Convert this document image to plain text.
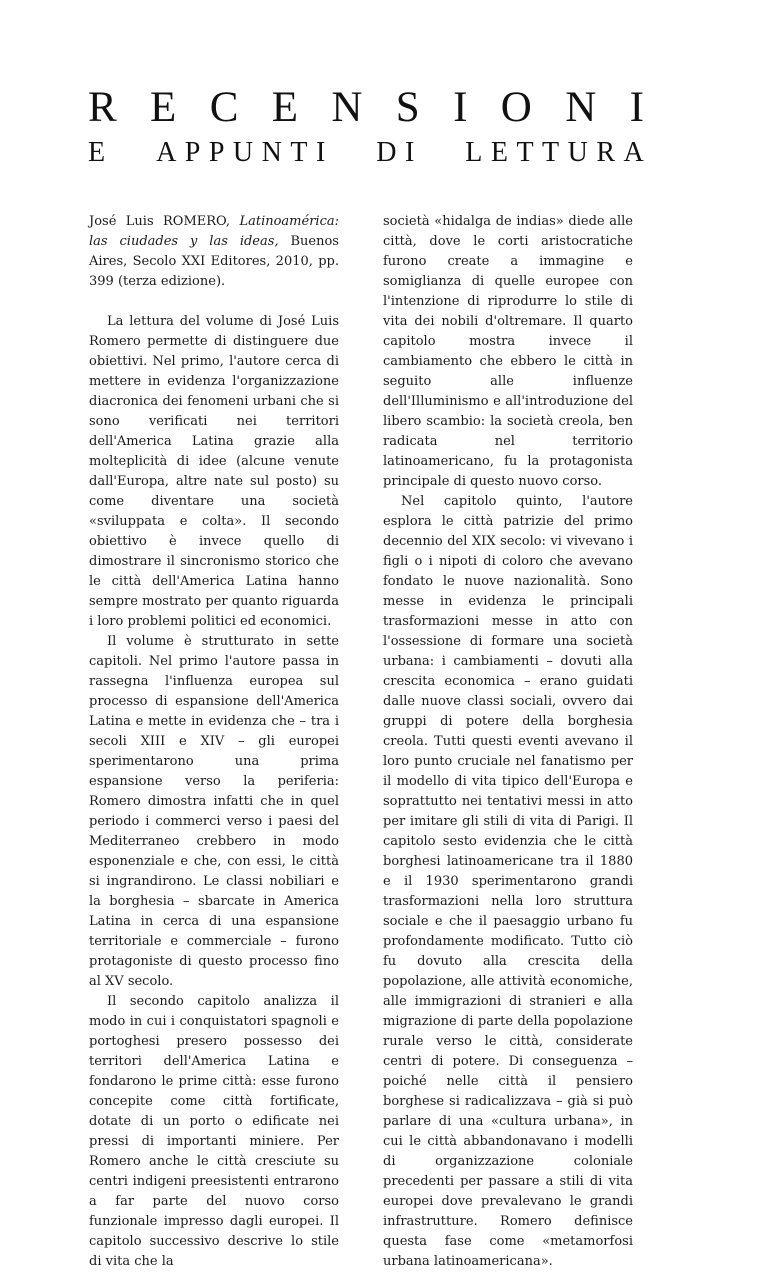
R E C E N S I O N I
E A P P U N T I D I L E T T U R A

José Luis ROMERO, Latinoamérica: las ciudades y las ideas, Buenos Aires, Secolo XXI Editores, 2010, pp. 399 (terza edizione).

La lettura del volume di José Luis Romero permette di distinguere due obiettivi. Nel primo, l'autore cerca di mettere in evidenza l'organizzazione diacronica dei fenomeni urbani che si sono verificati nei territori dell'America Latina grazie alla molteplicità di idee (alcune venute dall'Europa, altre nate sul posto) su come diventare una società «sviluppata e colta». Il secondo obiettivo è invece quello di dimostrare il sincronismo storico che le città dell'America Latina hanno sempre mostrato per quanto riguarda i loro problemi politici ed economici.

Il volume è strutturato in sette capitoli. Nel primo l'autore passa in rassegna l'influenza europea sul processo di espansione dell'America Latina e mette in evidenza che – tra i secoli XIII e XIV – gli europei sperimentarono una prima espansione verso la periferia: Romero dimostra infatti che in quel periodo i commerci verso i paesi del Mediterraneo crebbero in modo esponenziale e che, con essi, le città si ingrandirono. Le classi nobiliari e la borghesia – sbarcate in America Latina in cerca di una espansione territoriale e commerciale – furono protagoniste di questo processo fino al XV secolo.

Il secondo capitolo analizza il modo in cui i conquistatori spagnoli e portoghesi presero possesso dei territori dell'America Latina e fondarono le prime città: esse furono concepite come città fortificate, dotate di un porto o edificate nei pressi di importanti miniere. Per Romero anche le città cresciute su centri indigeni preesistenti entrarono a far parte del nuovo corso funzionale impresso dagli europei. Il capitolo successivo descrive lo stile di vita che la

società «hidalga de indias» diede alle città, dove le corti aristocratiche furono create a immagine e somiglianza di quelle europee con l'intenzione di riprodurre lo stile di vita dei nobili d'oltremare. Il quarto capitolo mostra invece il cambiamento che ebbero le città in seguito alle influenze dell'Illuminismo e all'introduzione del libero scambio: la società creola, ben radicata nel territorio latinoamericano, fu la protagonista principale di questo nuovo corso.

Nel capitolo quinto, l'autore esplora le città patrizie del primo decennio del XIX secolo: vi vivevano i figli o i nipoti di coloro che avevano fondato le nuove nazionalità. Sono messe in evidenza le principali trasformazioni messe in atto con l'ossessione di formare una società urbana: i cambiamenti – dovuti alla crescita economica – erano guidati dalle nuove classi sociali, ovvero dai gruppi di potere della borghesia creola. Tutti questi eventi avevano il loro punto cruciale nel fanatismo per il modello di vita tipico dell'Europa e soprattutto nei tentativi messi in atto per imitare gli stili di vita di Parigi. Il capitolo sesto evidenzia che le città borghesi latinoamericane tra il 1880 e il 1930 sperimentarono grandi trasformazioni nella loro struttura sociale e che il paesaggio urbano fu profondamente modificato. Tutto ciò fu dovuto alla crescita della popolazione, alle attività economiche, alle immigrazioni di stranieri e alla migrazione di parte della popolazione rurale verso le città, considerate centri di potere. Di conseguenza – poiché nelle città il pensiero borghese si radicalizzava – già si può parlare di una «cultura urbana», in cui le città abbandonavano i modelli di organizzazione coloniale precedenti per passare a stili di vita europei dove prevalevano le grandi infrastrutture. Romero definisce questa fase come «metamorfosi urbana latinoamericana».
